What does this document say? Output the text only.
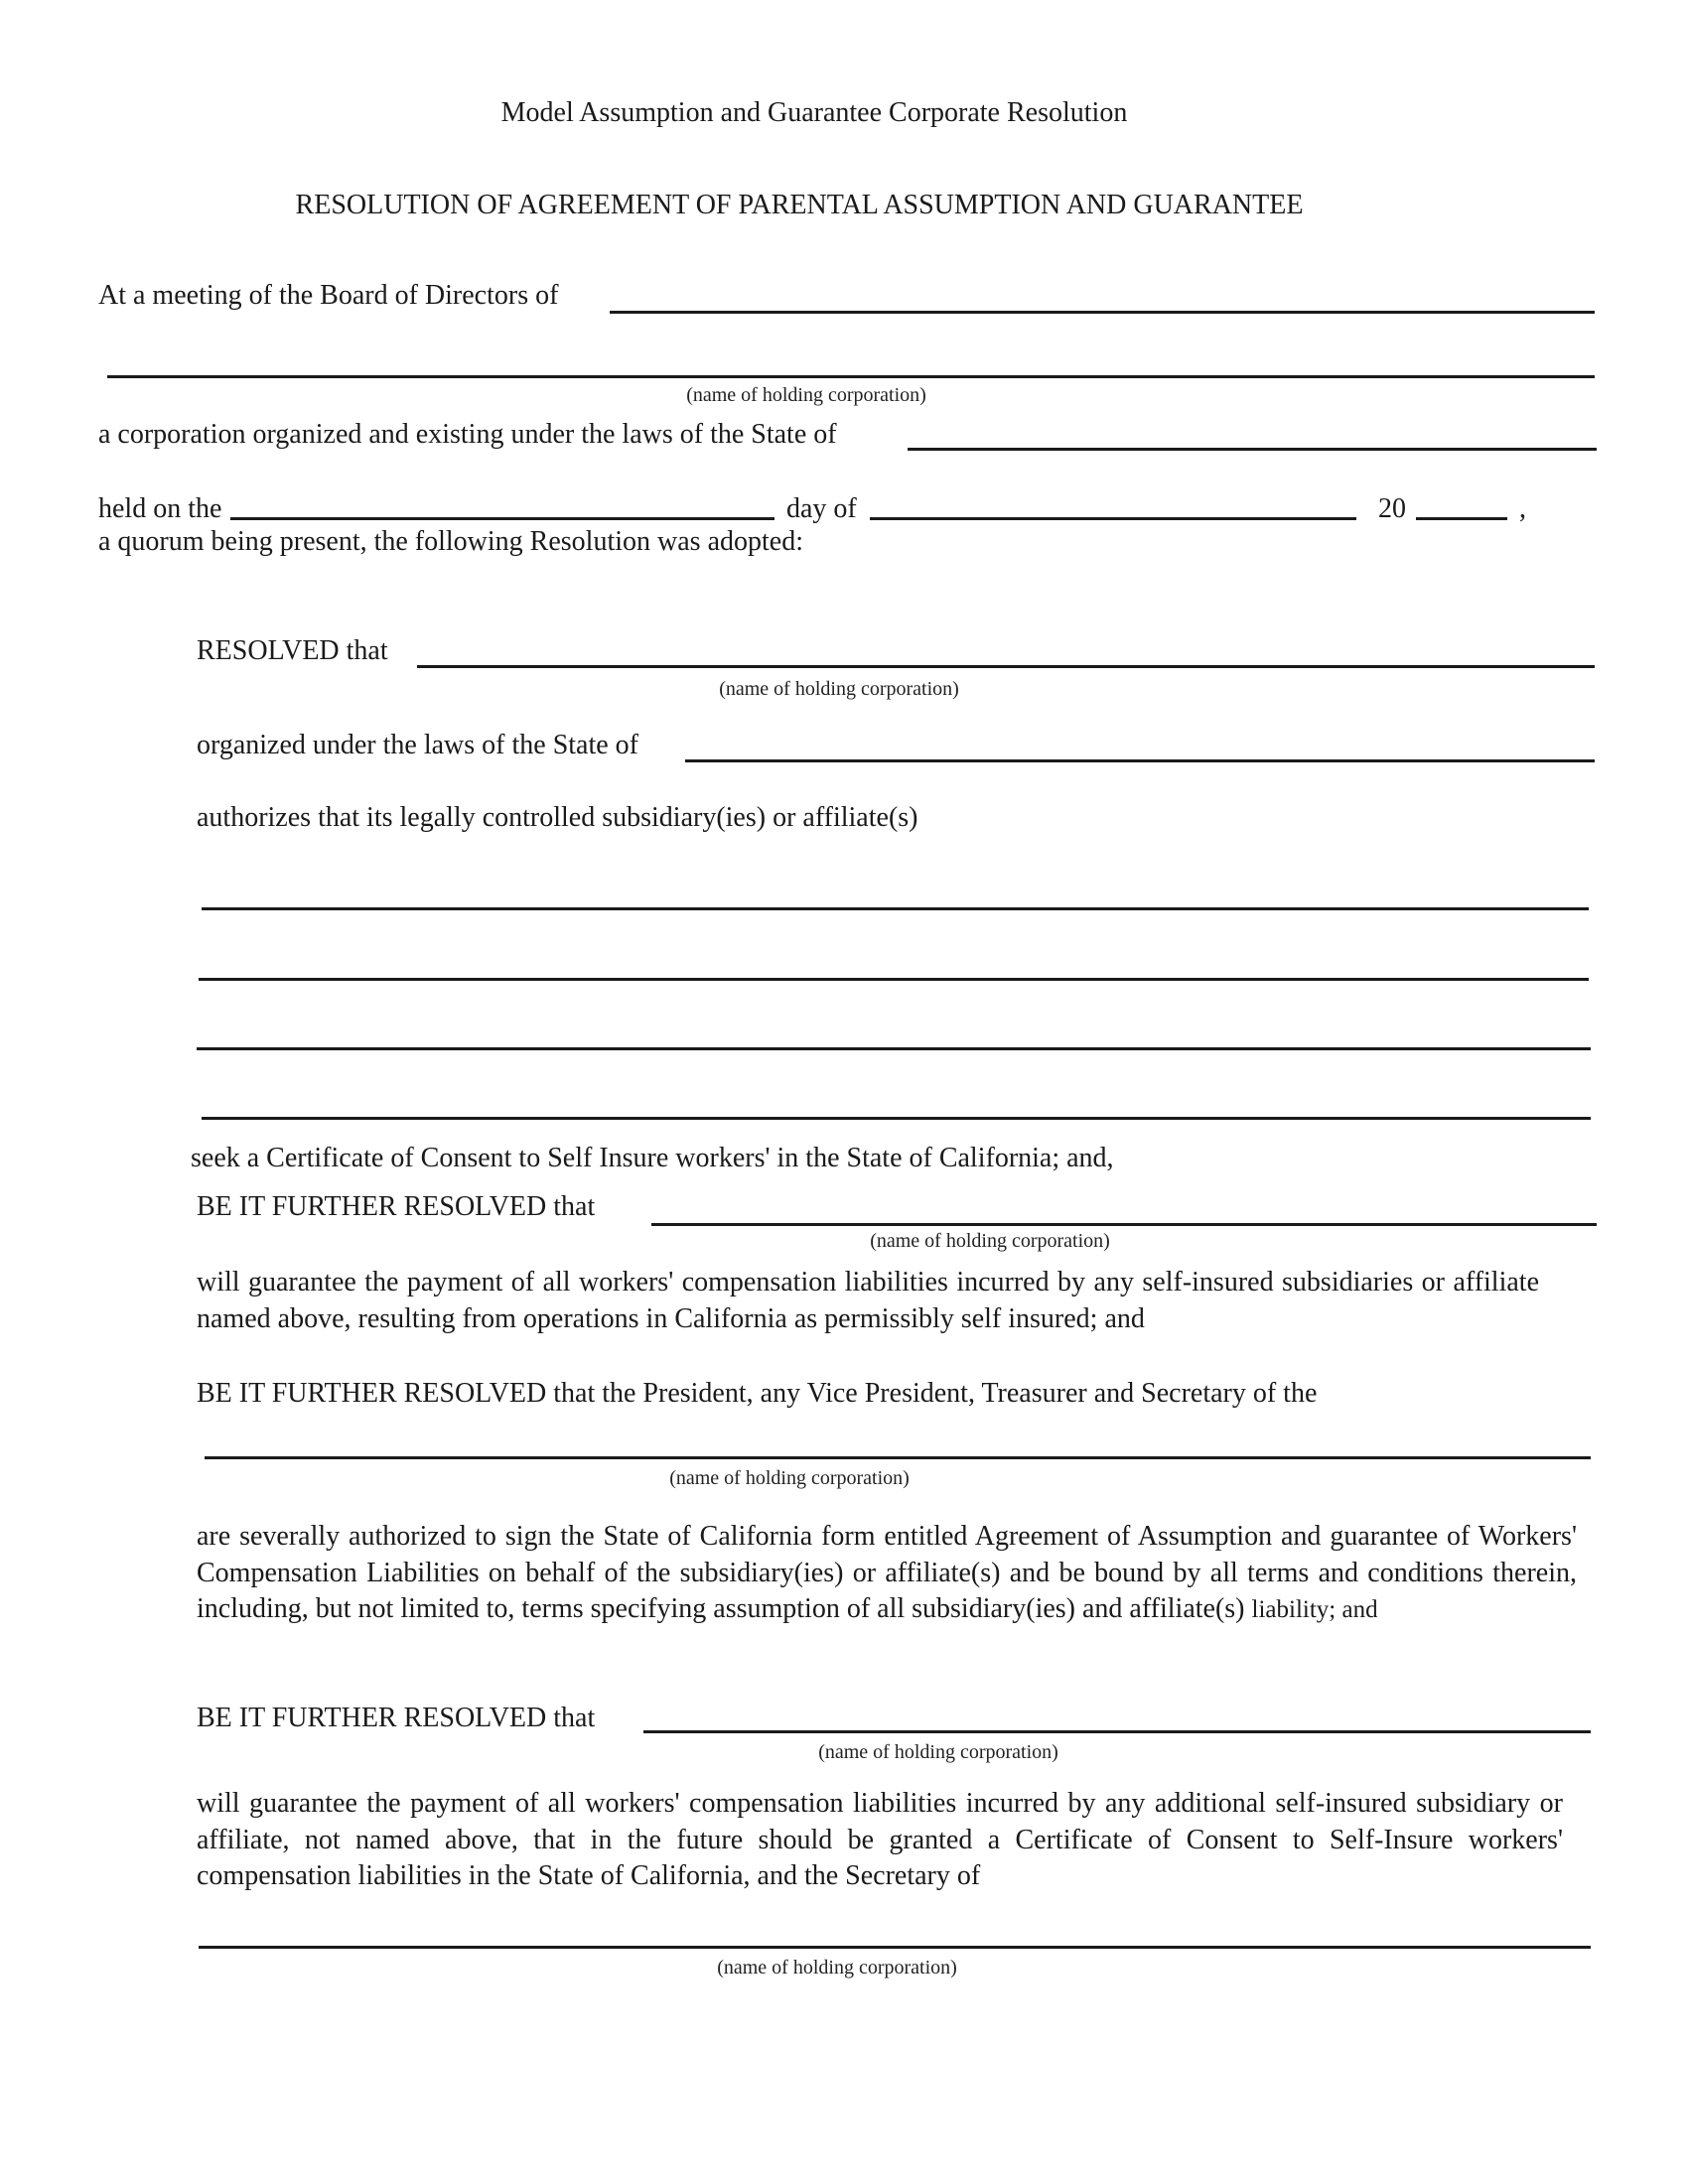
Model Assumption and Guarantee Corporate Resolution
RESOLUTION OF AGREEMENT OF PARENTAL ASSUMPTION AND GUARANTEE
At a meeting of the Board of Directors of
(name of holding corporation)
a corporation organized and existing under the laws of the State of
held on the	day of	20	,
a quorum being present, the following Resolution was adopted:
RESOLVED that
(name of holding corporation)
organized under the laws of the State of
authorizes that its legally controlled subsidiary(ies) or affiliate(s)
seek a Certificate of Consent to Self Insure workers' in the State of California; and,
BE IT FURTHER RESOLVED that
(name of holding corporation)
will guarantee the payment of all workers' compensation liabilities incurred by any self-insured subsidiaries or affiliate named above, resulting from operations in California as permissibly self insured; and
BE IT FURTHER RESOLVED that the President, any Vice President, Treasurer and Secretary of the
(name of holding corporation)
are severally authorized to sign the State of California form entitled Agreement of Assumption and guarantee of Workers' Compensation Liabilities on behalf of the subsidiary(ies) or affiliate(s) and be bound by all terms and conditions therein, including, but not limited to, terms specifying assumption of all subsidiary(ies) and affiliate(s) liability; and
BE IT FURTHER RESOLVED that
(name of holding corporation)
will guarantee the payment of all workers' compensation liabilities incurred by any additional self-insured subsidiary or affiliate, not named above, that in the future should be granted a Certificate of Consent to Self-Insure workers' compensation liabilities in the State of California, and the Secretary of
(name of holding corporation)
